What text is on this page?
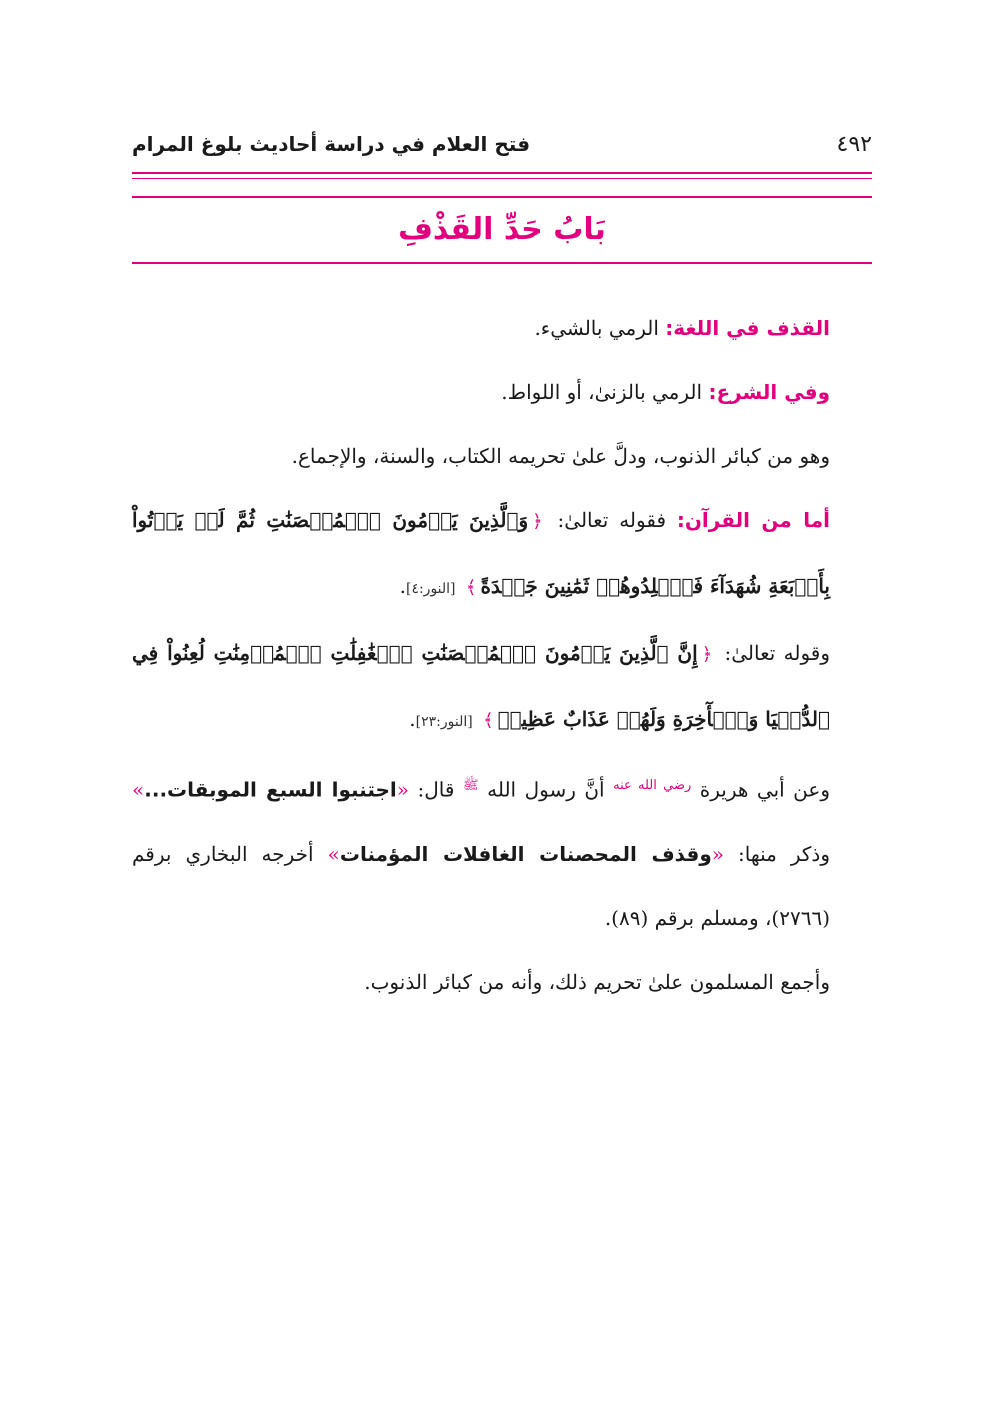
٤٩٢
فتح العلام في دراسة أحاديث بلوغ المرام
بَابُ حَدِّ القَذْفِ

القذف في اللغة: الرمي بالشيء.

وفي الشرع: الرمي بالزنىٰ، أو اللواط.

وهو من كبائر الذنوب، ودلَّ علىٰ تحريمه الكتاب، والسنة، والإجماع.

أما من القرآن: فقوله تعالىٰ: ﴿وَٱلَّذِينَ يَرۡمُونَ ٱلۡمُحۡصَنَٰتِ ثُمَّ لَمۡ يَأۡتُواْ بِأَرۡبَعَةِ شُهَدَآءَ فَٱجۡلِدُوهُمۡ ثَمَٰنِينَ جَلۡدَةً﴾ [النور:٤].

وقوله تعالىٰ: ﴿إِنَّ ٱلَّذِينَ يَرۡمُونَ ٱلۡمُحۡصَنَٰتِ ٱلۡغَٰفِلَٰتِ ٱلۡمُؤۡمِنَٰتِ لُعِنُواْ فِي ٱلدُّنۡيَا وَٱلۡأٓخِرَةِ وَلَهُمۡ عَذَابٌ عَظِيمٞ﴾ [النور:٢٣].

وعن أبي هريرة $^{رضي الله عنه}$ أنَّ رسول الله $^ﷺ$ قال: «اجتنبوا السبع الموبقات...» وذكر منها: «وقذف المحصنات الغافلات المؤمنات» أخرجه البخاري برقم (٢٧٦٦)، ومسلم برقم (٨٩).

وأجمع المسلمون علىٰ تحريم ذلك، وأنه من كبائر الذنوب.
